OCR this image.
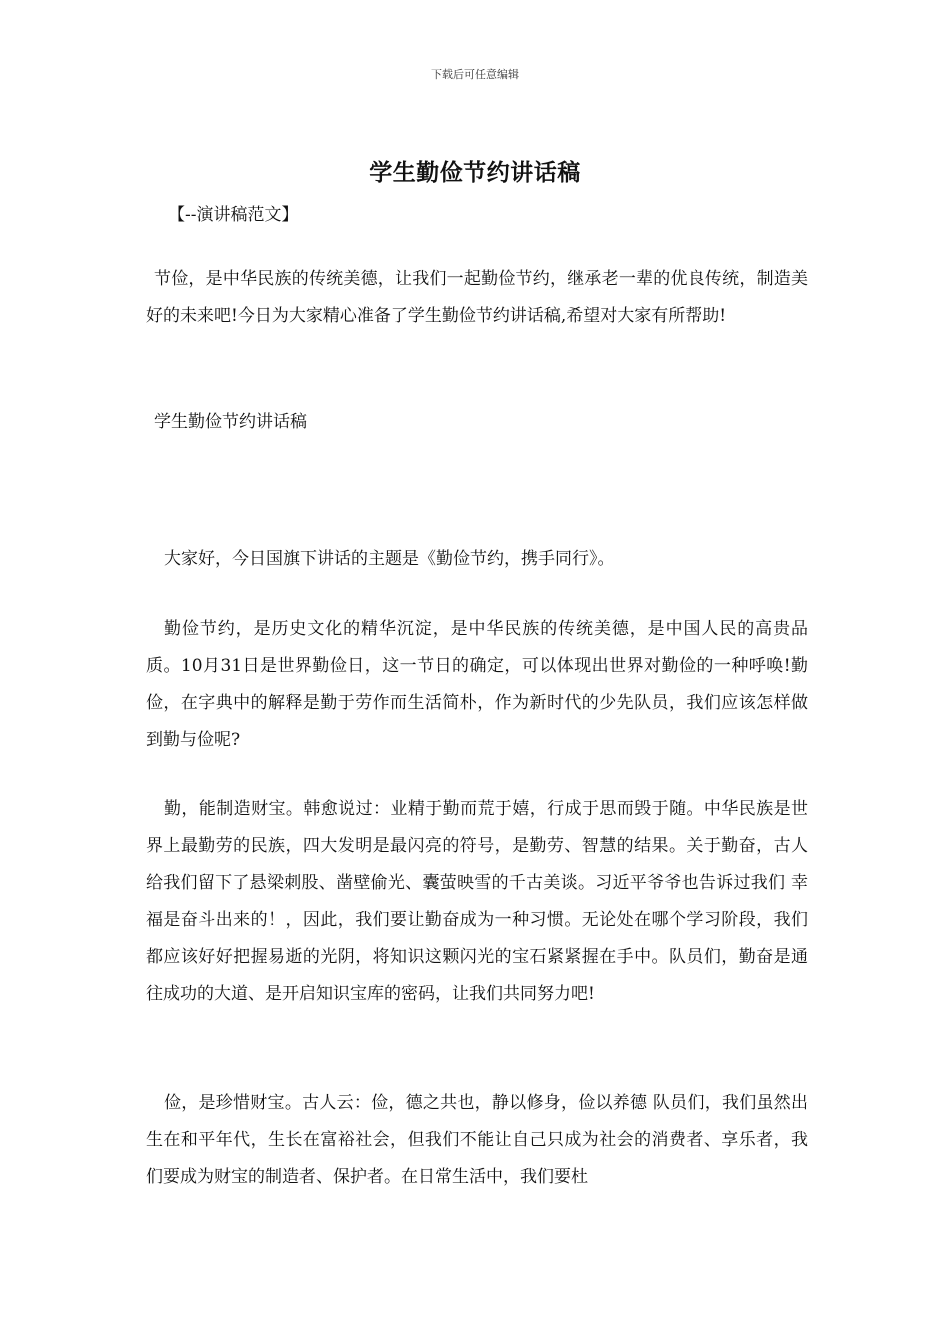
下载后可任意编辑
学生勤俭节约讲话稿
【--演讲稿范文】

节俭，是中华民族的传统美德，让我们一起勤俭节约，继承老一辈的优良传统，制造美好的未来吧!今日为大家精心准备了学生勤俭节约讲话稿,希望对大家有所帮助!

学生勤俭节约讲话稿

大家好，今日国旗下讲话的主题是《勤俭节约，携手同行》。

勤俭节约，是历史文化的精华沉淀，是中华民族的传统美德，是中国人民的高贵品质。10月31日是世界勤俭日，这一节日的确定，可以体现出世界对勤俭的一种呼唤!勤俭，在字典中的解释是勤于劳作而生活简朴，作为新时代的少先队员，我们应该怎样做到勤与俭呢?

勤，能制造财宝。韩愈说过：业精于勤而荒于嬉，行成于思而毁于随。中华民族是世界上最勤劳的民族，四大发明是最闪亮的符号，是勤劳、智慧的结果。关于勤奋，古人给我们留下了悬梁刺股、凿壁偷光、囊萤映雪的千古美谈。习近平爷爷也告诉过我们 幸福是奋斗出来的！，因此，我们要让勤奋成为一种习惯。无论处在哪个学习阶段，我们都应该好好把握易逝的光阴，将知识这颗闪光的宝石紧紧握在手中。队员们，勤奋是通往成功的大道、是开启知识宝库的密码，让我们共同努力吧!

俭，是珍惜财宝。古人云：俭，德之共也，静以修身，俭以养德 队员们，我们虽然出生在和平年代，生长在富裕社会，但我们不能让自己只成为社会的消费者、享乐者，我们要成为财宝的制造者、保护者。在日常生活中，我们要杜
